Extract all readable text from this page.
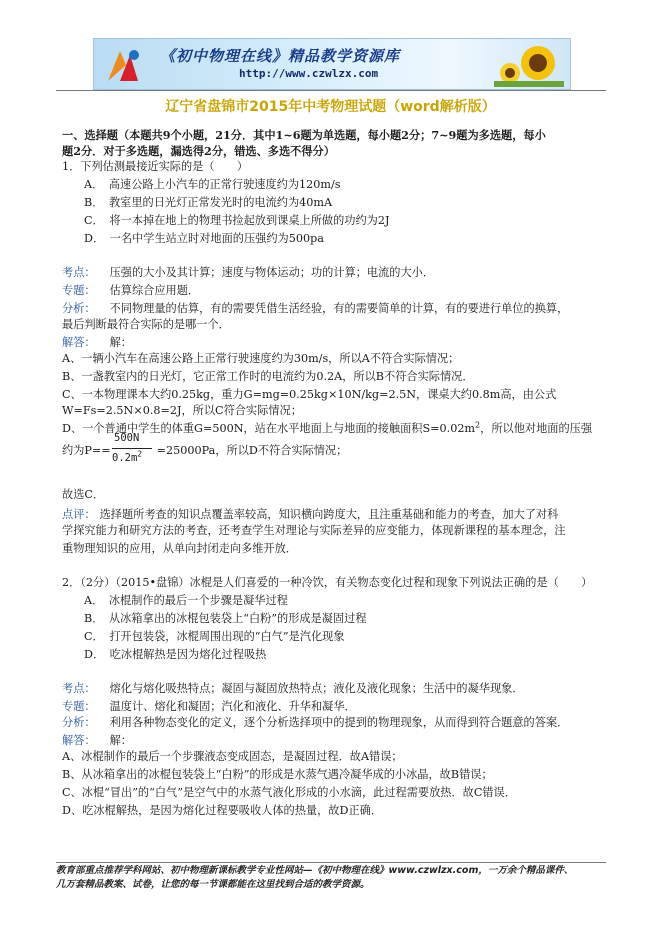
《初中物理在线》精品教学资源库
http://www.czwlzx.com
辽宁省盘锦市2015年中考物理试题（word解析版）
一、选择题（本题共9个小题，21分．其中1~6题为单选题，每小题2分；7~9题为多选题，每小
题2分．对于多选题，漏选得2分，错选、多选不得分）
1．下列估测最接近实际的是（　　）
A．　高速公路上小汽车的正常行驶速度约为120m/s
B．　教室里的日光灯正常发光时的电流约为40mA
C．　将一本掉在地上的物理书捡起放到课桌上所做的功约为2J
D．　一名中学生站立时对地面的压强约为500pa
考点： 压强的大小及其计算；速度与物体运动；功的计算；电流的大小．
专题： 估算综合应用题．
分析： 不同物理量的估算，有的需要凭借生活经验，有的需要简单的计算，有的要进行单位的换算，
最后判断最符合实际的是哪一个．
解答： 解：
A、一辆小汽车在高速公路上正常行驶速度约为30m/s，所以A不符合实际情况；
B、一盏教室内的日光灯，它正常工作时的电流约为0.2A，所以B不符合实际情况．
C、一本物理课本大约0.25kg，重力G=mg=0.25kg×10N/kg=2.5N，课桌大约0.8m高，由公式
W=Fs=2.5N×0.8=2J，所以C符合实际情况；
D、一个普通中学生的体重G=500N，站在水平地面上与地面的接触面积$S=0.02m^2$，所以他对地面的压强
约为P==	=25000Pa，所以D不符合实际情况；
500N
$0.2m^2$
故选C．
点评： 选择题所考查的知识点覆盖率较高，知识横向跨度大，且注重基础和能力的考查，加大了对科
学探究能力和研究方法的考查，还考查学生对理论与实际差异的应变能力，体现新课程的基本理念，注
重物理知识的应用，从单向封闭走向多维开放．
2．（2分）（2015•盘锦）冰棍是人们喜爱的一种冷饮，有关物态变化过程和现象下列说法正确的是（　　）
A．　冰棍制作的最后一个步骤是凝华过程
B．　从冰箱拿出的冰棍包装袋上“白粉”的形成是凝固过程
C．　打开包装袋，冰棍周围出现的“白气”是汽化现象
D．　吃冰棍解热是因为熔化过程吸热
考点： 熔化与熔化吸热特点；凝固与凝固放热特点；液化及液化现象；生活中的凝华现象．
专题： 温度计、熔化和凝固；汽化和液化、升华和凝华．
分析： 利用各种物态变化的定义，逐个分析选择项中的提到的物理现象，从而得到符合题意的答案．
解答： 解：
A、冰棍制作的最后一个步骤液态变成固态，是凝固过程．故A错误；
B、从冰箱拿出的冰棍包装袋上“白粉”的形成是水蒸气遇冷凝华成的小冰晶，故B错误；
C、冰棍“冒出”的“白气”是空气中的水蒸气液化形成的小水滴，此过程需要放热．故C错误．
D、吃冰棍解热，是因为熔化过程要吸收人体的热量，故D正确．
教育部重点推荐学科网站、初中物理新课标教学专业性网站—《初中物理在线》www.czwlzx.com，一万余个精品课件、
几万套精品教案、试卷，让您的每一节课都能在这里找到合适的教学资源。
